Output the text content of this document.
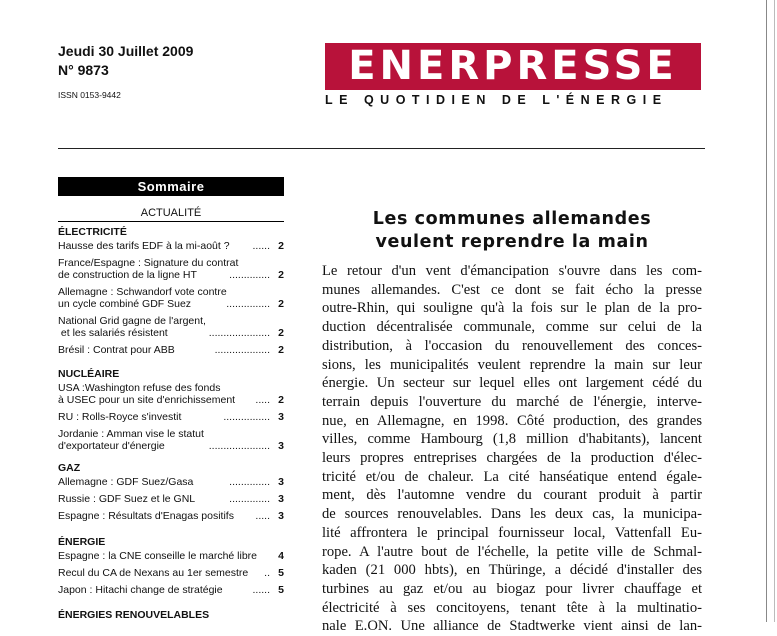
Jeudi 30 Juillet 2009
N° 9873
ISSN 0153-9442
ENERPRESSE
LE QUOTIDIEN DE L'ÉNERGIE
Sommaire
ACTUALITÉ
ÉLECTRICITÉ
Hausse des tarifs EDF à la mi-août ? ...... 2
France/Espagne : Signature du contrat
de construction de la ligne HT	.............. 2
Allemagne : Schwandorf vote contre
un cycle combiné GDF Suez	............... 2
National Grid gagne de l'argent,
et les salariés résistent	..................... 2
Brésil : Contrat pour ABB	................... 2
NUCLÉAIRE
USA :Washington refuse des fonds
à USEC pour un site d'enrichissement	..... 2
RU : Rolls-Royce s'investit	................ 3
Jordanie : Amman vise le statut
d'exportateur d'énergie	..................... 3
GAZ
Allemagne : GDF Suez/Gasa	.............. 3
Russie : GDF Suez et le GNL	.............. 3
Espagne : Résultats d'Enagas positifs ..... 3
ÉNERGIE
Espagne : la CNE conseille le marché libre 4
Recul du CA de Nexans au 1er semestre .. 5
Japon : Hitachi change de stratégie	...... 5
ÉNERGIES RENOUVELABLES
Les communes allemandes
veulent reprendre la main
Le retour d'un vent d'émancipation s'ouvre dans les com-
munes allemandes. C'est ce dont se fait écho la presse
outre-Rhin, qui souligne qu'à la fois sur le plan de la pro-
duction décentralisée communale, comme sur celui de la
distribution, à l'occasion du renouvellement des conces-
sions, les municipalités veulent reprendre la main sur leur
énergie. Un secteur sur lequel elles ont largement cédé du
terrain depuis l'ouverture du marché de l'énergie, interve-
nue, en Allemagne, en 1998. Côté production, des grandes
villes, comme Hambourg (1,8 million d'habitants), lancent
leurs propres entreprises chargées de la production d'élec-
tricité et/ou de chaleur. La cité hanséatique entend égale-
ment, dès l'automne vendre du courant produit à partir
de sources renouvelables. Dans les deux cas, la municipa-
lité affrontera le principal fournisseur local, Vattenfall Eu-
rope. A l'autre bout de l'échelle, la petite ville de Schmal-
kaden (21 000 hbts), en Thüringe, a décidé d'installer des
turbines au gaz et/ou au biogaz pour livrer chauffage et
électricité à ses concitoyens, tenant tête à la multinatio-
nale E.ON. Une alliance de Stadtwerke vient ainsi de lan-
